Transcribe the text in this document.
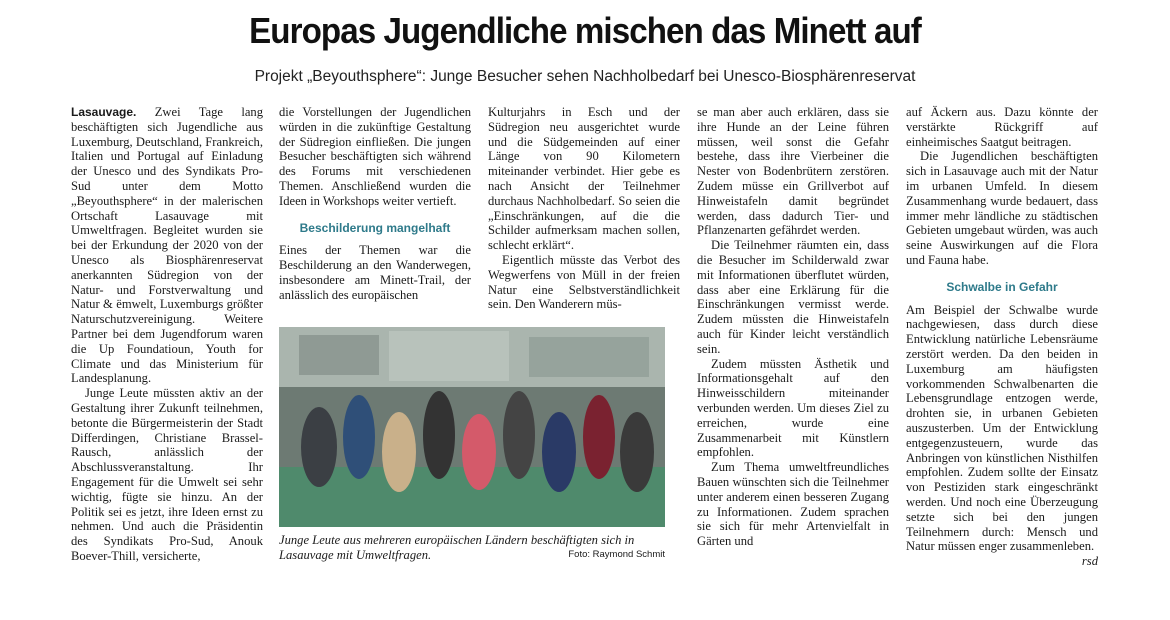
Europas Jugendliche mischen das Minett auf
Projekt „Beyouthsphere“: Junge Besucher sehen Nachholbedarf bei Unesco-Biosphärenreservat

Lasauvage. Zwei Tage lang beschäftigten sich Jugendliche aus Luxemburg, Deutschland, Frankreich, Italien und Portugal auf Einladung der Unesco und des Syndikats Pro-Sud unter dem Motto „Beyouthsphere“ in der malerischen Ortschaft Lasauvage mit Umweltfragen. Begleitet wurden sie bei der Erkundung der 2020 von der Unesco als Biosphärenreservat anerkannten Südregion von der Natur- und Forstverwaltung und Natur & ëmwelt, Luxemburgs größter Naturschutzvereinigung. Weitere Partner bei dem Jugendforum waren die Up Foundatioun, Youth for Climate und das Ministerium für Landesplanung.

Junge Leute müssten aktiv an der Gestaltung ihrer Zukunft teilnehmen, betonte die Bürgermeisterin der Stadt Differdingen, Christiane Brassel-Rausch, anlässlich der Abschlussveranstaltung. Ihr Engagement für die Umwelt sei sehr wichtig, fügte sie hinzu. An der Politik sei es jetzt, ihre Ideen ernst zu nehmen. Und auch die Präsidentin des Syndikats Pro-Sud, Anouk Boever-Thill, versicherte,

die Vorstellungen der Jugendlichen würden in die zukünftige Gestaltung der Südregion einfließen. Die jungen Besucher beschäftigten sich während des Forums mit verschiedenen Themen. Anschließend wurden die Ideen in Workshops weiter vertieft.

Beschilderung mangelhaft

Eines der Themen war die Beschilderung an den Wanderwegen, insbesondere am Minett-Trail, der anlässlich des europäischen

Kulturjahrs in Esch und der Südregion neu ausgerichtet wurde und die Südgemeinden auf einer Länge von 90 Kilometern miteinander verbindet. Hier gebe es nach Ansicht der Teilnehmer durchaus Nachholbedarf. So seien die „Einschränkungen, auf die die Schilder aufmerksam machen sollen, schlecht erklärt“.

Eigentlich müsste das Verbot des Wegwerfens von Müll in der freien Natur eine Selbstverständlichkeit sein. Den Wanderern müs-

Junge Leute aus mehreren europäischen Ländern beschäftigten sich in Lasauvage mit Umweltfragen.	Foto: Raymond Schmit

se man aber auch erklären, dass sie ihre Hunde an der Leine führen müssen, weil sonst die Gefahr bestehe, dass ihre Vierbeiner die Nester von Bodenbrütern zerstören. Zudem müsse ein Grillverbot auf Hinweistafeln damit begründet werden, dass dadurch Tier- und Pflanzenarten gefährdet werden.

Die Teilnehmer räumten ein, dass die Besucher im Schilderwald zwar mit Informationen überflutet würden, dass aber eine Erklärung für die Einschränkungen vermisst werde. Zudem müssten die Hinweistafeln auch für Kinder leicht verständlich sein.

Zudem müssten Ästhetik und Informationsgehalt auf den Hinweisschildern miteinander verbunden werden. Um dieses Ziel zu erreichen, wurde eine Zusammenarbeit mit Künstlern empfohlen.

Zum Thema umweltfreundliches Bauen wünschten sich die Teilnehmer unter anderem einen besseren Zugang zu Informationen. Zudem sprachen sie sich für mehr Artenvielfalt in Gärten und

auf Äckern aus. Dazu könnte der verstärkte Rückgriff auf einheimisches Saatgut beitragen.

Die Jugendlichen beschäftigten sich in Lasauvage auch mit der Natur im urbanen Umfeld. In diesem Zusammenhang wurde bedauert, dass immer mehr ländliche zu städtischen Gebieten umgebaut würden, was auch seine Auswirkungen auf die Flora und Fauna habe.

Schwalbe in Gefahr

Am Beispiel der Schwalbe wurde nachgewiesen, dass durch diese Entwicklung natürliche Lebensräume zerstört werden. Da den beiden in Luxemburg am häufigsten vorkommenden Schwalbenarten die Lebensgrundlage entzogen werde, drohten sie, in urbanen Gebieten auszusterben. Um der Entwicklung entgegenzusteuern, wurde das Anbringen von künstlichen Nisthilfen empfohlen. Zudem sollte der Einsatz von Pestiziden stark eingeschränkt werden. Und noch eine Überzeugung setzte sich bei den jungen Teilnehmern durch: Mensch und Natur müssen enger zusammenleben.
rsd
